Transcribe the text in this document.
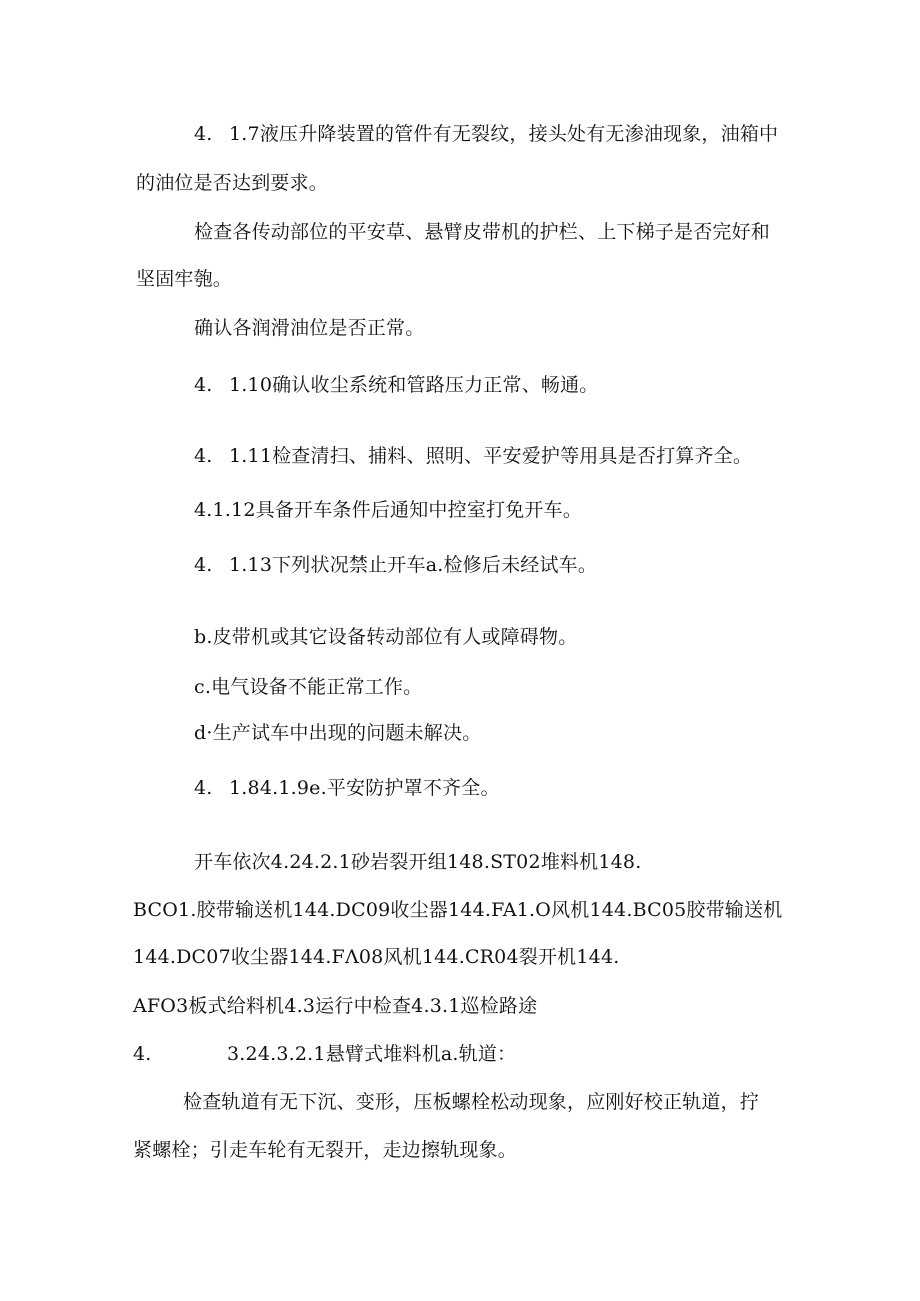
4. 1.7液压升降装置的管件有无裂纹，接头处有无渗油现象，油箱中
的油位是否达到要求。
检查各传动部位的平安草、悬臂皮带机的护栏、上下梯子是否完好和
坚固牢匏。
确认各润滑油位是否正常。
4. 1.10确认收尘系统和管路压力正常、畅通。
4. 1.11检查清扫、捕料、照明、平安爱护等用具是否打算齐全。
4.1.12具备开车条件后通知中控室打免开车。
4. 1.13下列状况禁止开车a.检修后未经试车。
b.皮带机或其它设备转动部位有人或障碍物。
c.电气设备不能正常工作。
d·生产试车中出现的问题未解决。
4. 1.84.1.9e.平安防护罩不齐全。
开车依次4.24.2.1砂岩裂开组148.ST02堆料机148.
BCO1.胶带输送机144.DC09收尘器144.FA1.O风机144.BC05胶带输送机
144.DC07收尘器144.FΛ08风机144.CR04裂开机144.
AFO3板式给料机4.3运行中检查4.3.1巡检路途
4.	3.24.3.2.1悬臂式堆料机a.轨道：
检查轨道有无下沉、变形，压板螺栓松动现象，应刚好校正轨道，拧
紧螺栓；引走车轮有无裂开，走边擦轨现象。
